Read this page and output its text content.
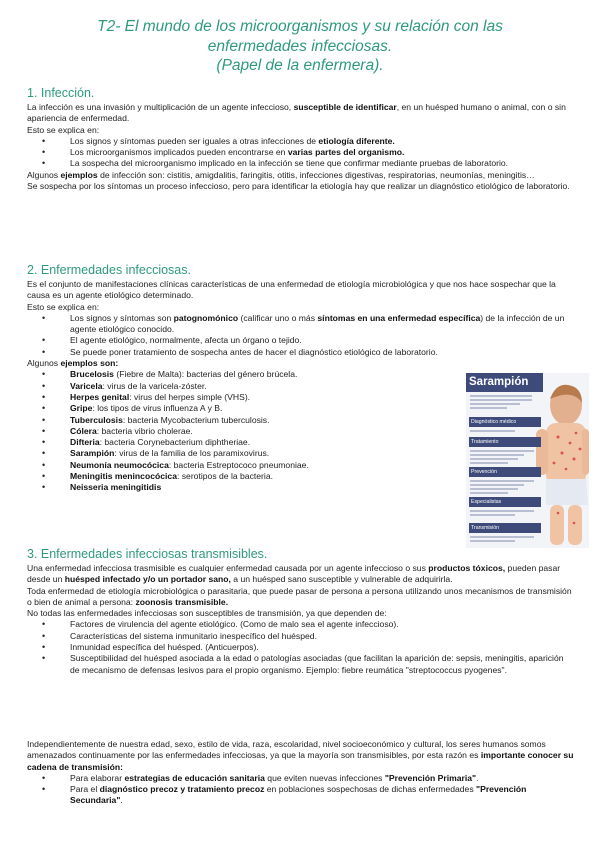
T2- El mundo de los microorganismos y su relación con las
enfermedades infecciosas.
(Papel de la enfermera).
1. Infección.

La infección es una invasión y multiplicación de un agente infeccioso, susceptible de identificar, en un huésped humano o animal, con o sin apariencia de enfermedad.

Esto se explica en:

• Los signos y síntomas pueden ser iguales a otras infecciones de etiología diferente.
• Los microorganismos implicados pueden encontrarse en varias partes del organismo.
• La sospecha del microorganismo implicado en la infección se tiene que confirmar mediante pruebas de laboratorio.

Algunos ejemplos de infección son: cistitis, amigdalitis, faringitis, otitis, infecciones digestivas, respiratorias, neumonías, meningitis…

Se sospecha por los síntomas un proceso infeccioso, pero para identificar la etiología hay que realizar un diagnóstico etiológico de laboratorio.

2. Enfermedades infecciosas.

Es el conjunto de manifestaciones clínicas características de una enfermedad de etiología microbiológica y que nos hace sospechar que la causa es un agente etiológico determinado.

Esto se explica en:

• Los signos y síntomas son patognomónico (calificar uno o más síntomas en una enfermedad específica) de la infección de un agente etiológico conocido.
• El agente etiológico, normalmente, afecta un órgano o tejido.
• Se puede poner tratamiento de sospecha antes de hacer el diagnóstico etiológico de laboratorio.

Algunos ejemplos son:

• Brucelosis (Fiebre de Malta): bacterias del género brúcela.
• Varicela: virus de la varicela-zóster.
• Herpes genital: virus del herpes simple (VHS).
• Gripe: los tipos de virus influenza A y B.
• Tuberculosis: bacteria Mycobacterium tuberculosis.
• Cólera: bacteria vibrio cholerae.
• Difteria: bacteria Corynebacterium diphtheriae.
• Sarampión: virus de la familia de los paramixovirus.
• Neumonía neumocócica: bacteria Estreptococo pneumoniae.
• Meningitis menincocócica: serotipos de la bacteria.
• Neisseria meningitidis
Sarampión
Diagnóstico médico
Tratamiento
Prevención
Especialistas
Transmisión
3. Enfermedades infecciosas transmisibles.

Una enfermedad infecciosa trasmisible es cualquier enfermedad causada por un agente infeccioso o sus productos tóxicos, pueden pasar desde un huésped infectado y/o un portador sano, a un huésped sano susceptible y vulnerable de adquirirla.

Toda enfermedad de etiología microbiológica o parasitaria, que puede pasar de persona a persona utilizando unos mecanismos de transmisión o bien de animal a persona: zoonosis transmisible.

No todas las enfermedades infecciosas son susceptibles de transmisión, ya que dependen de:

• Factores de virulencia del agente etiológico. (Como de malo sea el agente infeccioso).
• Características del sistema inmunitario inespecífico del huésped.
• Inmunidad específica del huésped. (Anticuerpos).
• Susceptibilidad del huésped asociada a la edad o patologías asociadas (que facilitan la aparición de: sepsis, meningitis, aparición de mecanismo de defensas lesivos para el propio organismo. Ejemplo: fiebre reumática "streptococcus pyogenes".

Independientemente de nuestra edad, sexo, estilo de vida, raza, escolaridad, nivel socioeconómico y cultural, los seres humanos somos amenazados continuamente por las enfermedades infecciosas, ya que la mayoría son transmisibles, por esta razón es importante conocer su cadena de transmisión:

• Para elaborar estrategias de educación sanitaria que eviten nuevas infecciones "Prevención Primaria".
• Para el diagnóstico precoz y tratamiento precoz en poblaciones sospechosas de dichas enfermedades "Prevención Secundaria".
